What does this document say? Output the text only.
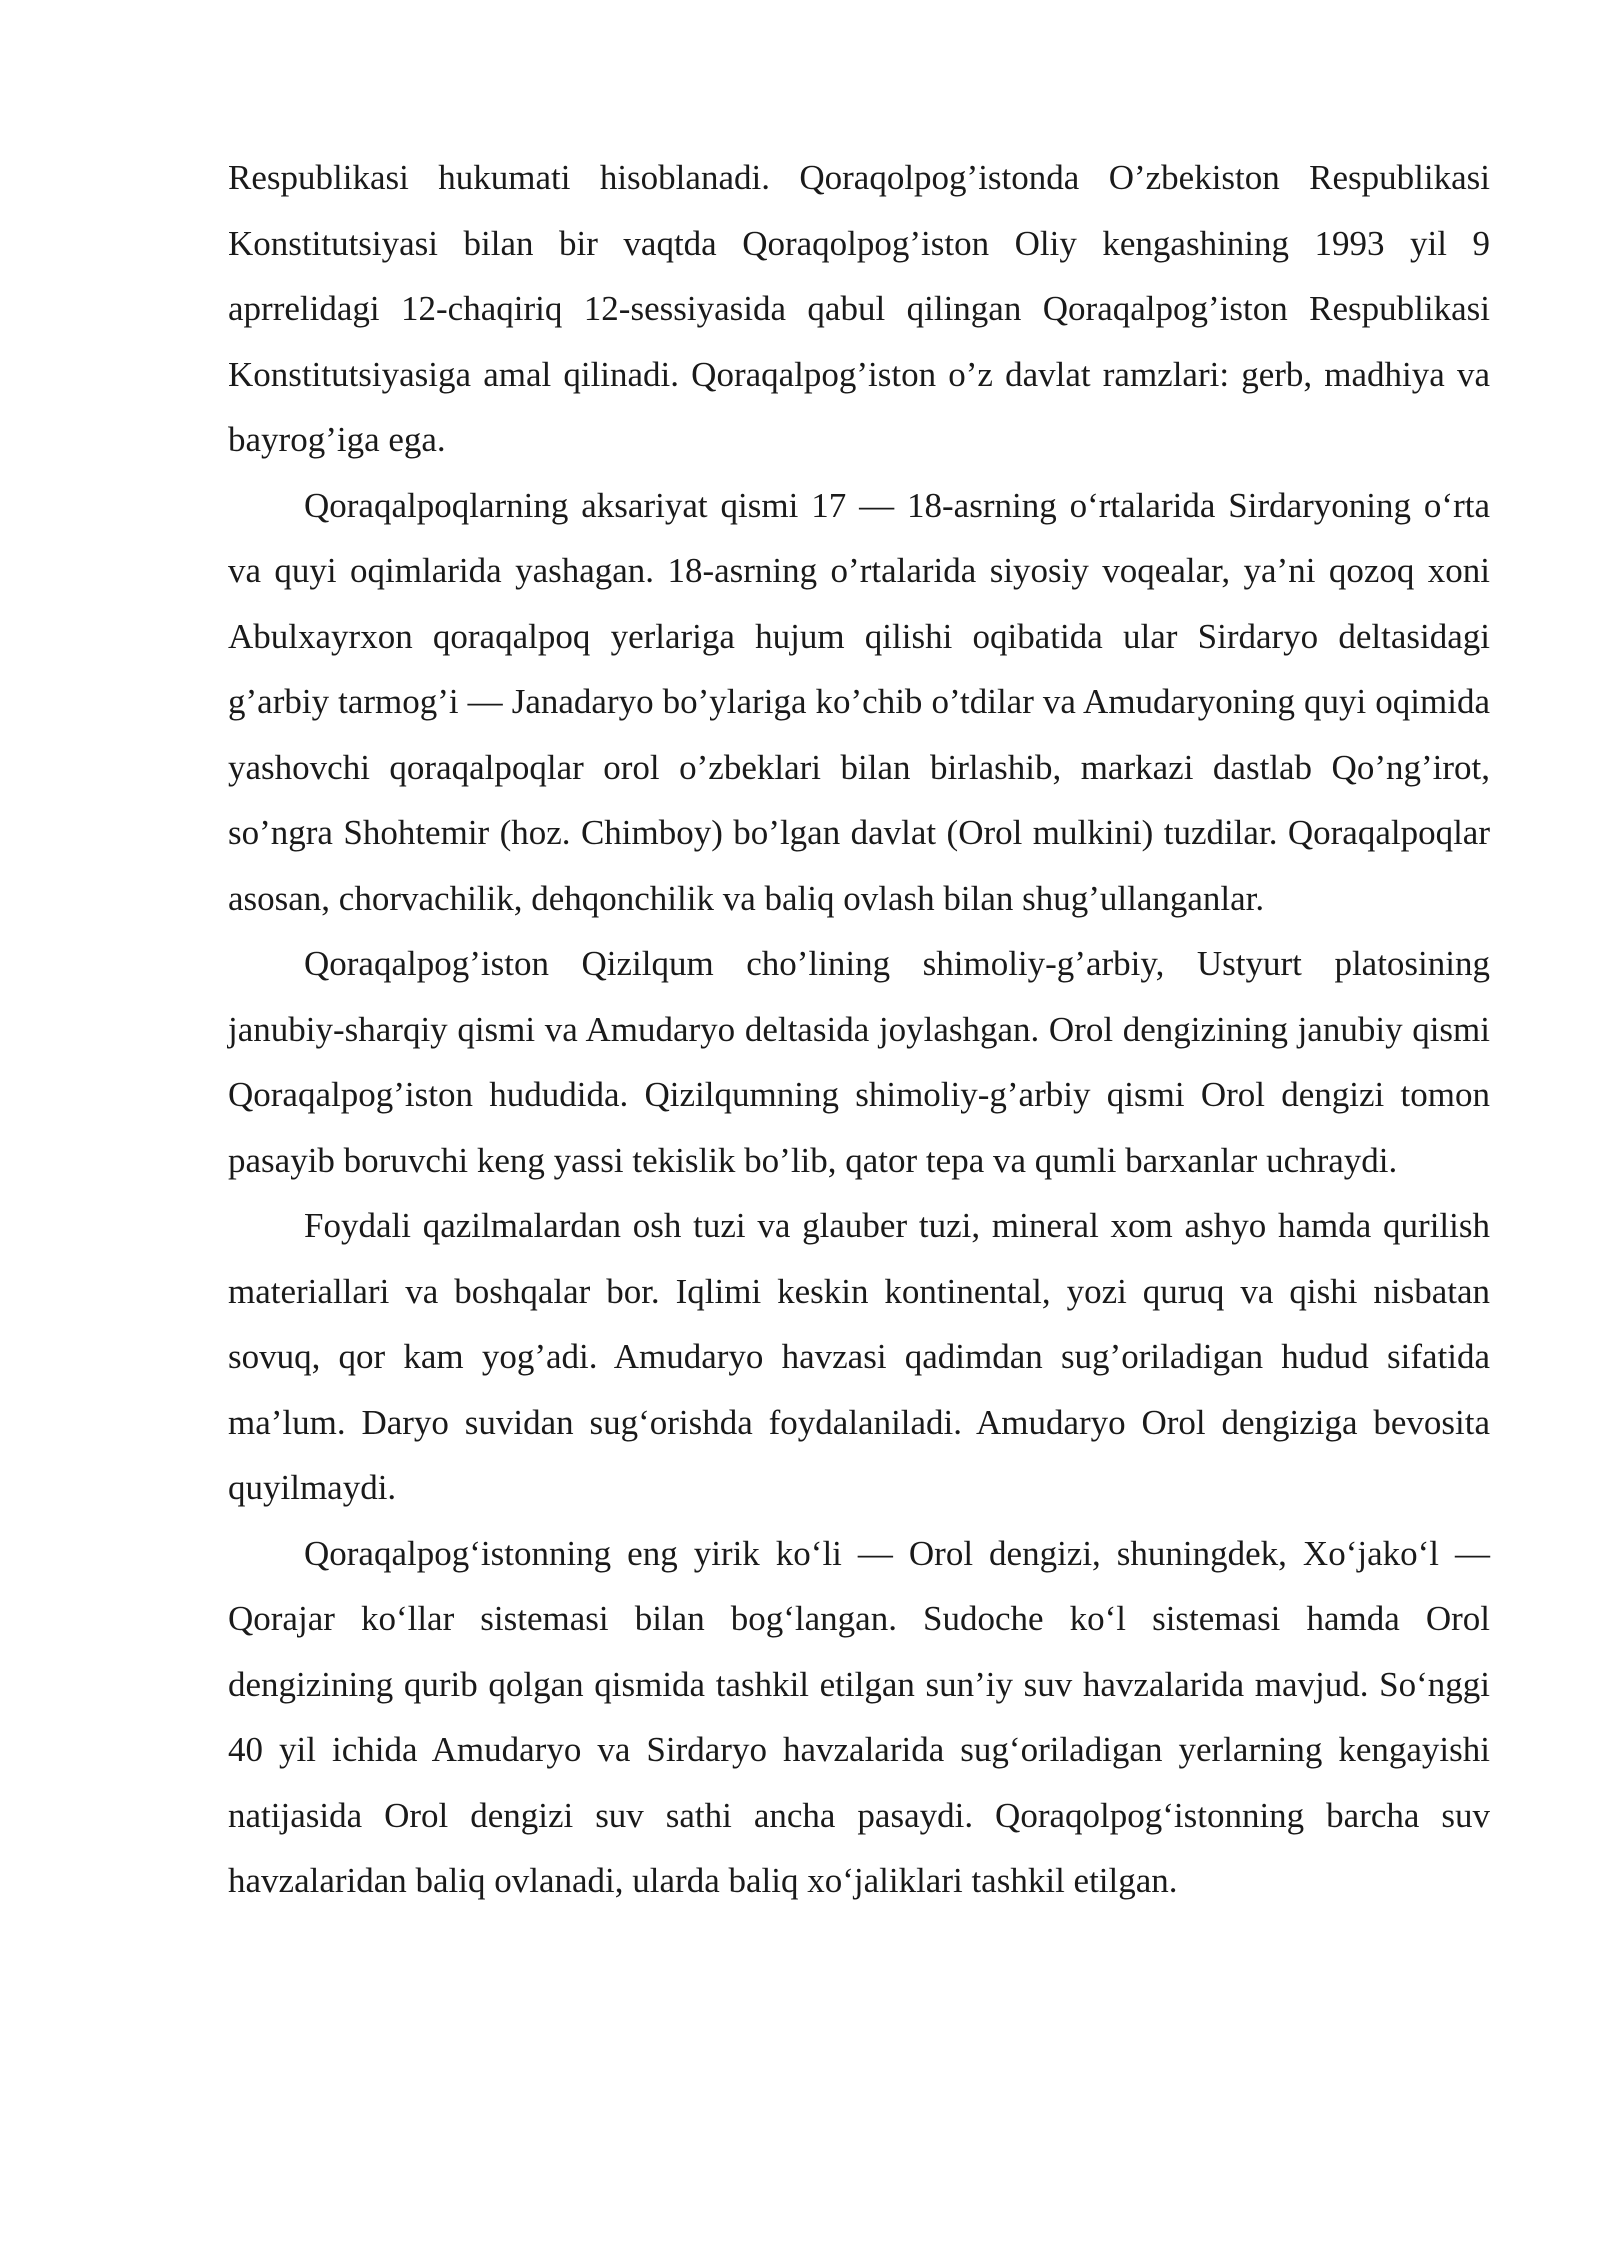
Respublikasi hukumati hisoblanadi. Qoraqolpog’istonda O’zbekiston Respublikasi Konstitutsiyasi bilan bir vaqtda Qoraqolpog’iston Oliy kengashining 1993 yil 9 aprrelidagi 12-chaqiriq 12-sessiyasida qabul qilingan Qoraqalpog’iston Respublikasi Konstitutsiyasiga amal qilinadi. Qoraqalpog’iston o’z davlat ramzlari: gerb, madhiya va bayrog’iga ega.

Qoraqalpoqlarning aksariyat qismi 17 — 18-asrning oʻrtalarida Sirdaryoning oʻrta va quyi oqimlarida yashagan. 18-asrning o’rtalarida siyosiy voqealar, ya’ni qozoq xoni Abulxayrxon qoraqalpoq yerlariga hujum qilishi oqibatida ular Sirdaryo deltasidagi g’arbiy tarmog’i — Janadaryo bo’ylariga ko’chib o’tdilar va Amudaryoning quyi oqimida yashovchi qoraqalpoqlar orol o’zbeklari bilan birlashib, markazi dastlab Qo’ng’irot, so’ngra Shohtemir (hoz. Chimboy) bo’lgan davlat (Orol mulkini) tuzdilar. Qoraqalpoqlar asosan, chorvachilik, dehqonchilik va baliq ovlash bilan shug’ullanganlar.

Qoraqalpog’iston Qizilqum cho’lining shimoliy-g’arbiy, Ustyurt platosining janubiy-sharqiy qismi va Amudaryo deltasida joylashgan. Orol dengizining janubiy qismi Qoraqalpog’iston hududida. Qizilqumning shimoliy-g’arbiy qismi Orol dengizi tomon pasayib boruvchi keng yassi tekislik bo’lib, qator tepa va qumli barxanlar uchraydi.

Foydali qazilmalardan osh tuzi va glauber tuzi, mineral xom ashyo hamda qurilish materiallari va boshqalar bor. Iqlimi keskin kontinental, yozi quruq va qishi nisbatan sovuq, qor kam yog’adi. Amudaryo havzasi qadimdan sug’oriladigan hudud sifatida ma’lum. Daryo suvidan sugʻorishda foydalaniladi. Amudaryo Orol dengiziga bevosita quyilmaydi.

Qoraqalpogʻistonning eng yirik koʻli — Orol dengizi, shuningdek, Xoʻjakoʻl — Qorajar koʻllar sistemasi bilan bogʻlangan. Sudoche koʻl sistemasi hamda Orol dengizining qurib qolgan qismida tashkil etilgan sun’iy suv havzalarida mavjud. Soʻnggi 40 yil ichida Amudaryo va Sirdaryo havzalarida sugʻoriladigan yerlarning kengayishi natijasida Orol dengizi suv sathi ancha pasaydi. Qoraqolpogʻistonning barcha suv havzalaridan baliq ovlanadi, ularda baliq xoʻjaliklari tashkil etilgan.
